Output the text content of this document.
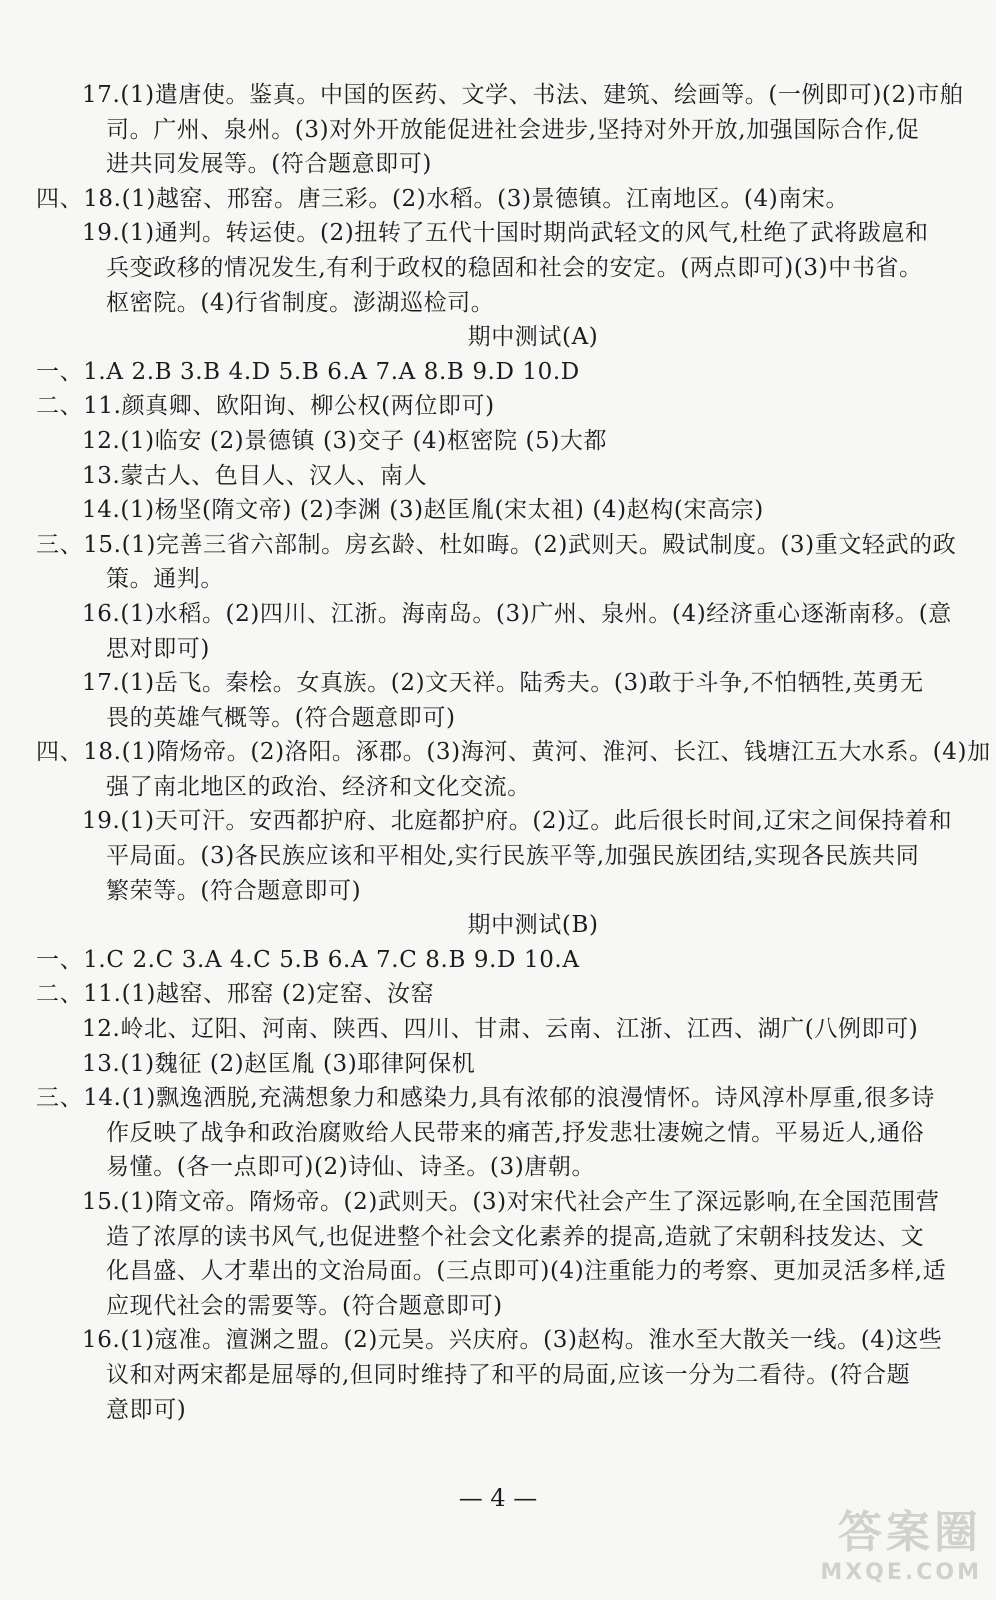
17.(1)遣唐使。鉴真。中国的医药、文学、书法、建筑、绘画等。(一例即可)(2)市舶
司。广州、泉州。(3)对外开放能促进社会进步,坚持对外开放,加强国际合作,促
进共同发展等。(符合题意即可)
四、18.(1)越窑、邢窑。唐三彩。(2)水稻。(3)景德镇。江南地区。(4)南宋。
19.(1)通判。转运使。(2)扭转了五代十国时期尚武轻文的风气,杜绝了武将跋扈和
兵变政移的情况发生,有利于政权的稳固和社会的安定。(两点即可)(3)中书省。
枢密院。(4)行省制度。澎湖巡检司。
期中测试(A)
一、1.A 2.B 3.B 4.D 5.B 6.A 7.A 8.B 9.D 10.D
二、11.颜真卿、欧阳询、柳公权(两位即可)
12.(1)临安 (2)景德镇 (3)交子 (4)枢密院 (5)大都
13.蒙古人、色目人、汉人、南人
14.(1)杨坚(隋文帝) (2)李渊 (3)赵匡胤(宋太祖) (4)赵构(宋高宗)
三、15.(1)完善三省六部制。房玄龄、杜如晦。(2)武则天。殿试制度。(3)重文轻武的政
策。通判。
16.(1)水稻。(2)四川、江浙。海南岛。(3)广州、泉州。(4)经济重心逐渐南移。(意
思对即可)
17.(1)岳飞。秦桧。女真族。(2)文天祥。陆秀夫。(3)敢于斗争,不怕牺牲,英勇无
畏的英雄气概等。(符合题意即可)
四、18.(1)隋炀帝。(2)洛阳。涿郡。(3)海河、黄河、淮河、长江、钱塘江五大水系。(4)加
强了南北地区的政治、经济和文化交流。
19.(1)天可汗。安西都护府、北庭都护府。(2)辽。此后很长时间,辽宋之间保持着和
平局面。(3)各民族应该和平相处,实行民族平等,加强民族团结,实现各民族共同
繁荣等。(符合题意即可)
期中测试(B)
一、1.C 2.C 3.A 4.C 5.B 6.A 7.C 8.B 9.D 10.A
二、11.(1)越窑、邢窑 (2)定窑、汝窑
12.岭北、辽阳、河南、陕西、四川、甘肃、云南、江浙、江西、湖广(八例即可)
13.(1)魏征 (2)赵匡胤 (3)耶律阿保机
三、14.(1)飘逸洒脱,充满想象力和感染力,具有浓郁的浪漫情怀。诗风淳朴厚重,很多诗
作反映了战争和政治腐败给人民带来的痛苦,抒发悲壮凄婉之情。平易近人,通俗
易懂。(各一点即可)(2)诗仙、诗圣。(3)唐朝。
15.(1)隋文帝。隋炀帝。(2)武则天。(3)对宋代社会产生了深远影响,在全国范围营
造了浓厚的读书风气,也促进整个社会文化素养的提高,造就了宋朝科技发达、文
化昌盛、人才辈出的文治局面。(三点即可)(4)注重能力的考察、更加灵活多样,适
应现代社会的需要等。(符合题意即可)
16.(1)寇准。澶渊之盟。(2)元昊。兴庆府。(3)赵构。淮水至大散关一线。(4)这些
议和对两宋都是屈辱的,但同时维持了和平的局面,应该一分为二看待。(符合题
意即可)
— 4 —
答案圈
MXQE.COM
